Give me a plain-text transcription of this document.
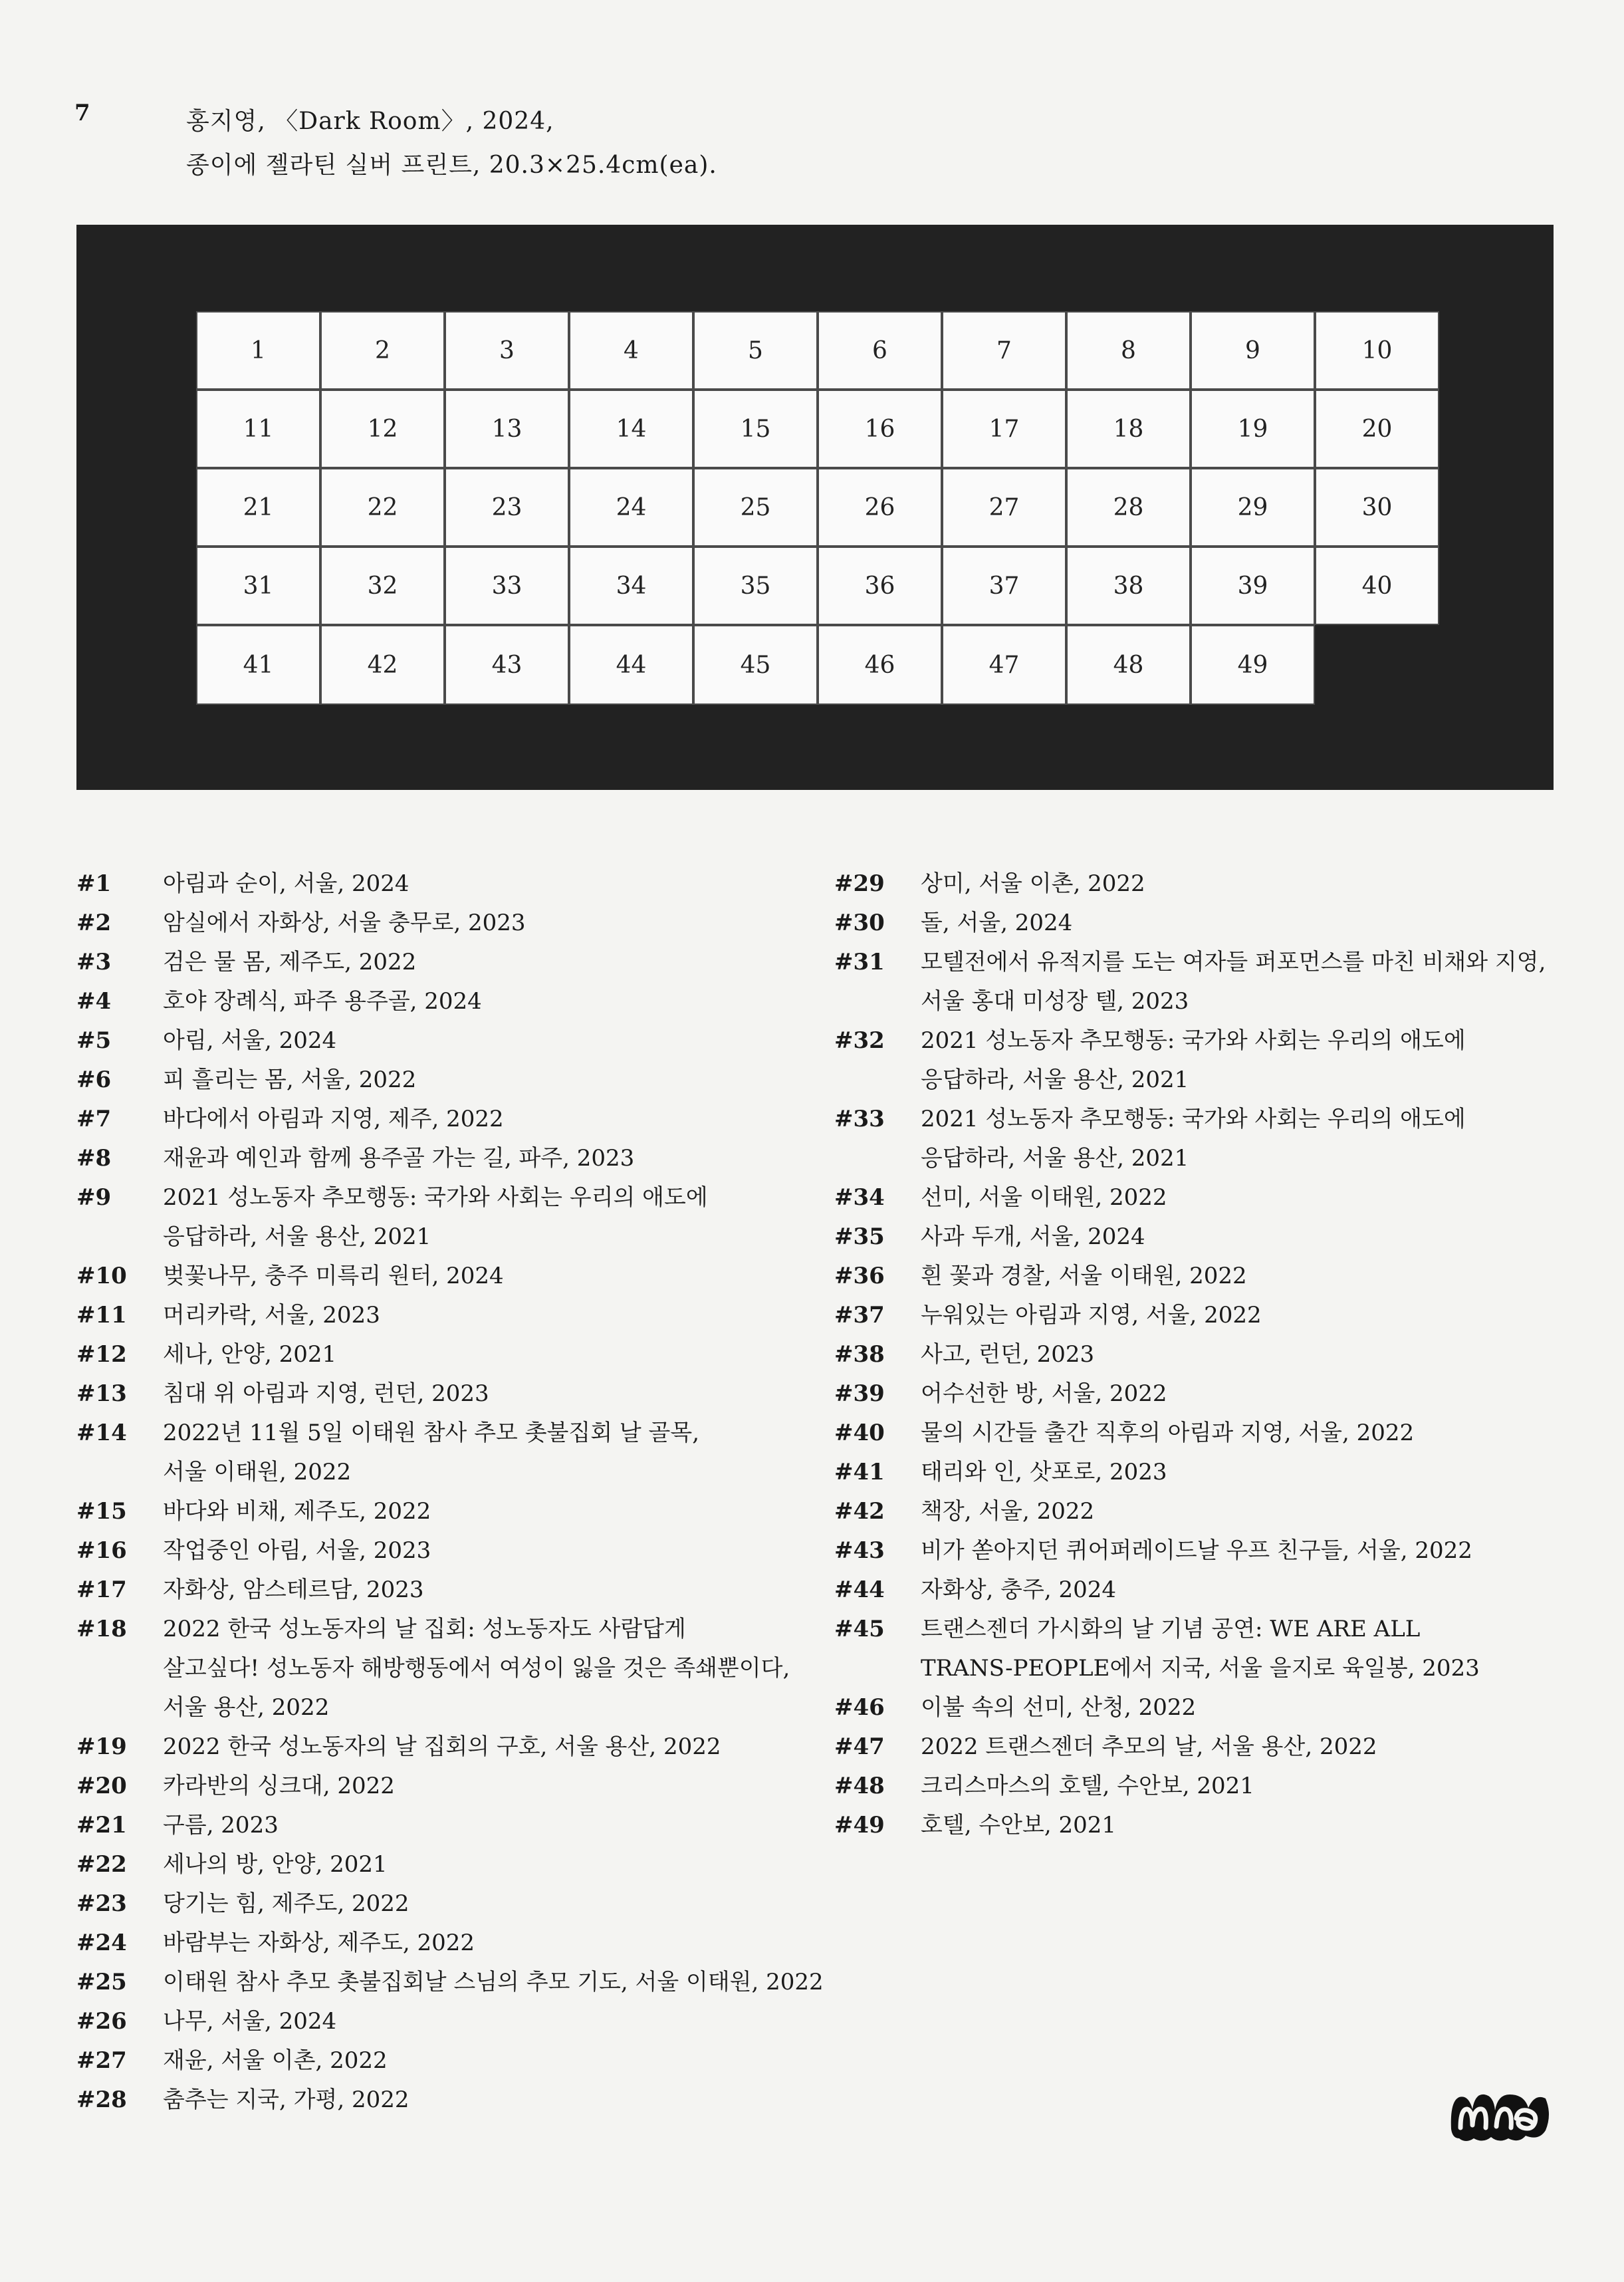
7	홍지영, 〈Dark Room〉, 2024,
종이에 젤라틴 실버 프린트, 20.3×25.4cm(ea).
1	2	3	4	5	6	7	8	9	10
11	12	13	14	15	16	17	18	19	20
21	22	23	24	25	26	27	28	29	30
31	32	33	34	35	36	37	38	39	40
41	42	43	44	45	46	47	48	49
#1 아림과 순이, 서울, 2024
#2 암실에서 자화상, 서울 충무로, 2023
#3 검은 물 몸, 제주도, 2022
#4 호야 장례식, 파주 용주골, 2024
#5 아림, 서울, 2024
#6 피 흘리는 몸, 서울, 2022
#7 바다에서 아림과 지영, 제주, 2022
#8 재윤과 예인과 함께 용주골 가는 길, 파주, 2023
#9 2021 성노동자 추모행동: 국가와 사회는 우리의 애도에
응답하라, 서울 용산, 2021
#10 벚꽃나무, 충주 미륵리 원터, 2024
#11 머리카락, 서울, 2023
#12 세나, 안양, 2021
#13 침대 위 아림과 지영, 런던, 2023
#14 2022년 11월 5일 이태원 참사 추모 촛불집회 날 골목,
서울 이태원, 2022
#15 바다와 비채, 제주도, 2022
#16 작업중인 아림, 서울, 2023
#17 자화상, 암스테르담, 2023
#18 2022 한국 성노동자의 날 집회: 성노동자도 사람답게
살고싶다! 성노동자 해방행동에서 여성이 잃을 것은 족쇄뿐이다,
서울 용산, 2022
#19 2022 한국 성노동자의 날 집회의 구호, 서울 용산, 2022
#20 카라반의 싱크대, 2022
#21 구름, 2023
#22 세나의 방, 안양, 2021
#23 당기는 힘, 제주도, 2022
#24 바람부는 자화상, 제주도, 2022
#25 이태원 참사 추모 촛불집회날 스님의 추모 기도, 서울 이태원, 2022
#26 나무, 서울, 2024
#27 재윤, 서울 이촌, 2022
#28 춤추는 지국, 가평, 2022
#29 상미, 서울 이촌, 2022
#30 돌, 서울, 2024
#31 모텔전에서 유적지를 도는 여자들 퍼포먼스를 마친 비채와 지영,
서울 홍대 미성장 텔, 2023
#32 2021 성노동자 추모행동: 국가와 사회는 우리의 애도에
응답하라, 서울 용산, 2021
#33 2021 성노동자 추모행동: 국가와 사회는 우리의 애도에
응답하라, 서울 용산, 2021
#34 선미, 서울 이태원, 2022
#35 사과 두개, 서울, 2024
#36 흰 꽃과 경찰, 서울 이태원, 2022
#37 누워있는 아림과 지영, 서울, 2022
#38 사고, 런던, 2023
#39 어수선한 방, 서울, 2022
#40 물의 시간들 출간 직후의 아림과 지영, 서울, 2022
#41 태리와 인, 삿포로, 2023
#42 책장, 서울, 2022
#43 비가 쏟아지던 퀴어퍼레이드날 우프 친구들, 서울, 2022
#44 자화상, 충주, 2024
#45 트랜스젠더 가시화의 날 기념 공연: WE ARE ALL
TRANS-PEOPLE에서 지국, 서울 을지로 육일봉, 2023
#46 이불 속의 선미, 산청, 2022
#47 2022 트랜스젠더 추모의 날, 서울 용산, 2022
#48 크리스마스의 호텔, 수안보, 2021
#49 호텔, 수안보, 2021
